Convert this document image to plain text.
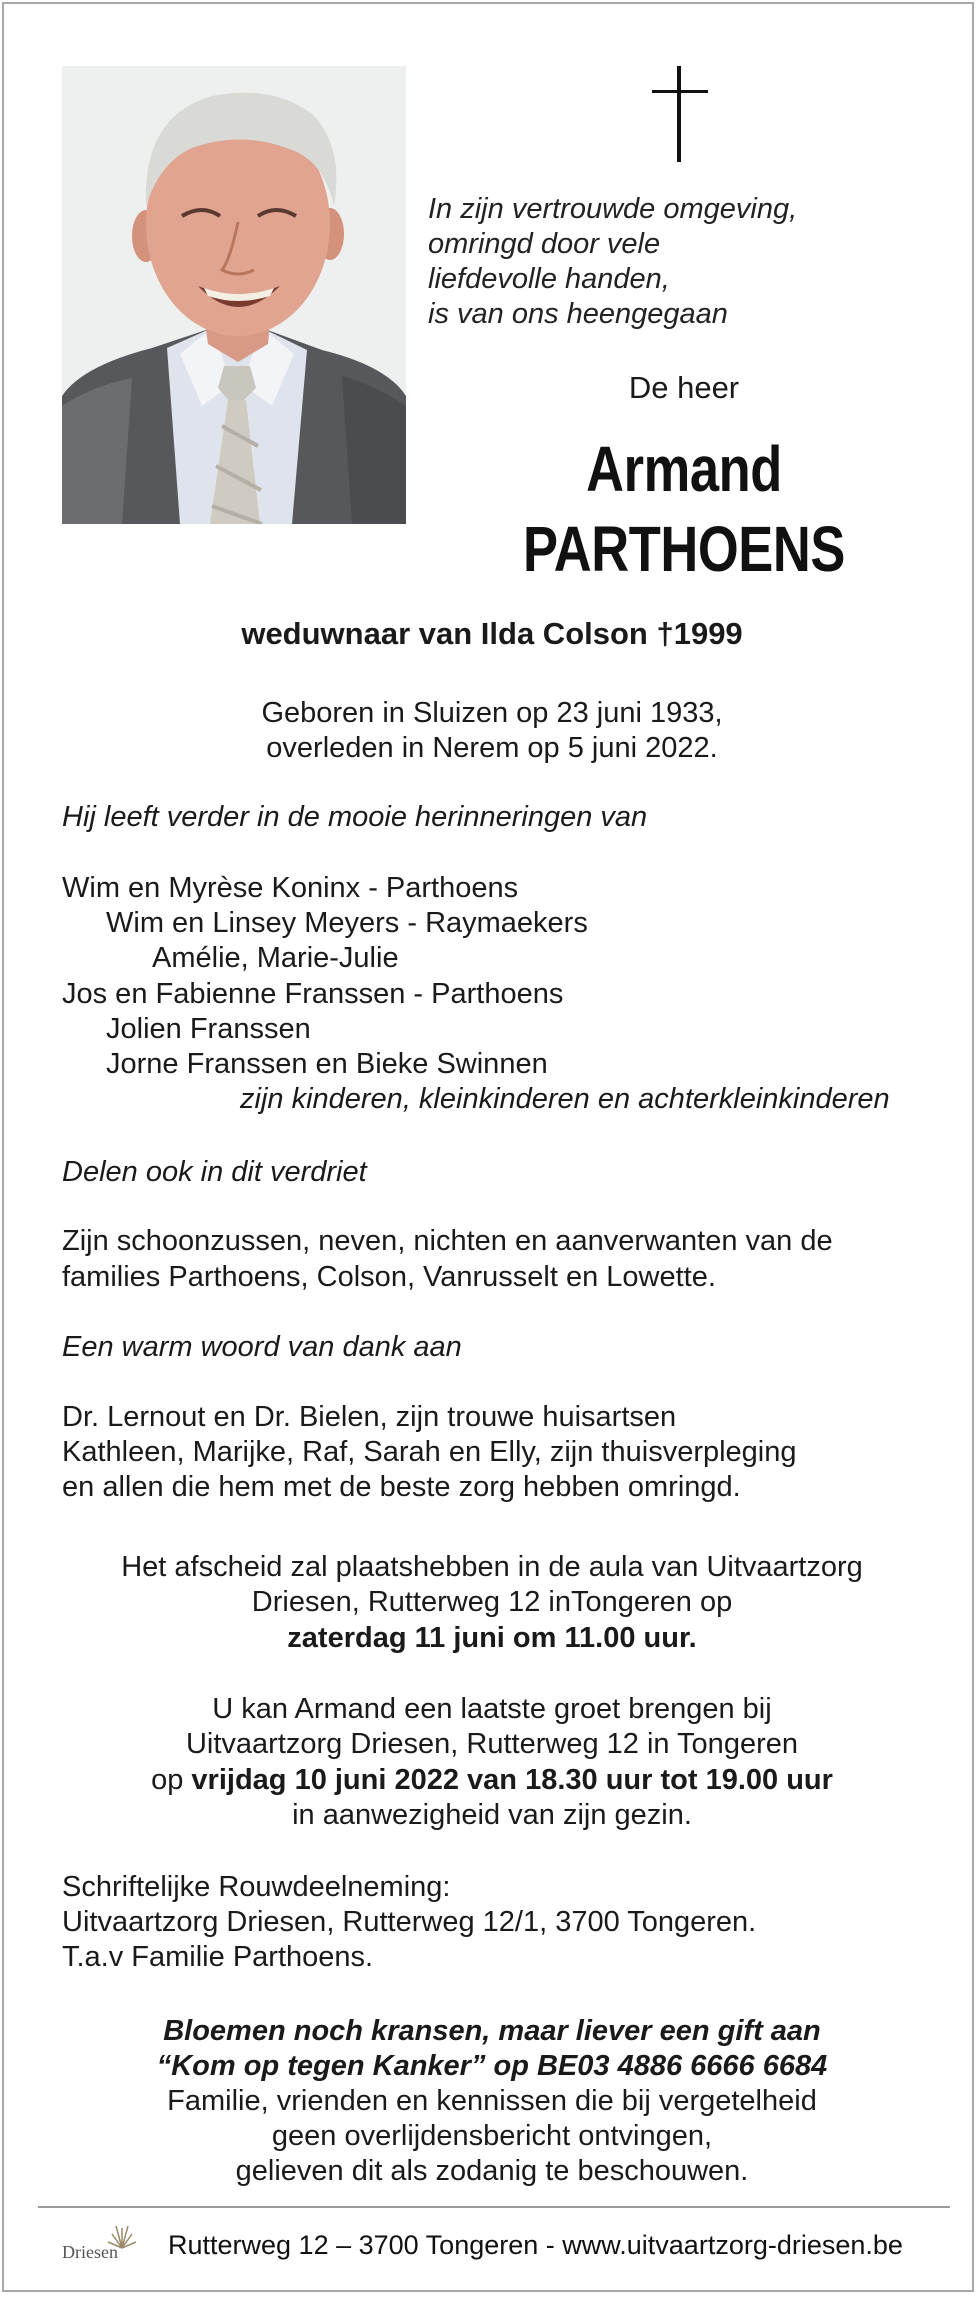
In zijn vertrouwde omgeving,
omringd door vele
liefdevolle handen,
is van ons heengegaan
De heer
Armand
PARTHOENS
weduwnaar van Ilda Colson †1999
Geboren in Sluizen op 23 juni 1933,
overleden in Nerem op 5 juni 2022.
Hij leeft verder in de mooie herinneringen van
Wim en Myrèse Koninx - Parthoens
Wim en Linsey Meyers - Raymaekers
Amélie, Marie-Julie
Jos en Fabienne Franssen - Parthoens
Jolien Franssen
Jorne Franssen en Bieke Swinnen
zijn kinderen, kleinkinderen en achterkleinkinderen
Delen ook in dit verdriet
Zijn schoonzussen, neven, nichten en aanverwanten van de
families Parthoens, Colson, Vanrusselt en Lowette.
Een warm woord van dank aan
Dr. Lernout en Dr. Bielen, zijn trouwe huisartsen
Kathleen, Marijke, Raf, Sarah en Elly, zijn thuisverpleging
en allen die hem met de beste zorg hebben omringd.
Het afscheid zal plaatshebben in de aula van Uitvaartzorg
Driesen, Rutterweg 12 inTongeren op
zaterdag 11 juni om 11.00 uur.
U kan Armand een laatste groet brengen bij
Uitvaartzorg Driesen, Rutterweg 12 in Tongeren
op vrijdag 10 juni 2022 van 18.30 uur tot 19.00 uur
in aanwezigheid van zijn gezin.
Schriftelijke Rouwdeelneming:
Uitvaartzorg Driesen, Rutterweg 12/1, 3700 Tongeren.
T.a.v Familie Parthoens.
Bloemen noch kransen, maar liever een gift aan
“Kom op tegen Kanker” op BE03 4886 6666 6684
Familie, vrienden en kennissen die bij vergetelheid
geen overlijdensbericht ontvingen,
gelieven dit als zodanig te beschouwen.
Driesen Rutterweg 12 – 3700 Tongeren - www.uitvaartzorg-driesen.be
